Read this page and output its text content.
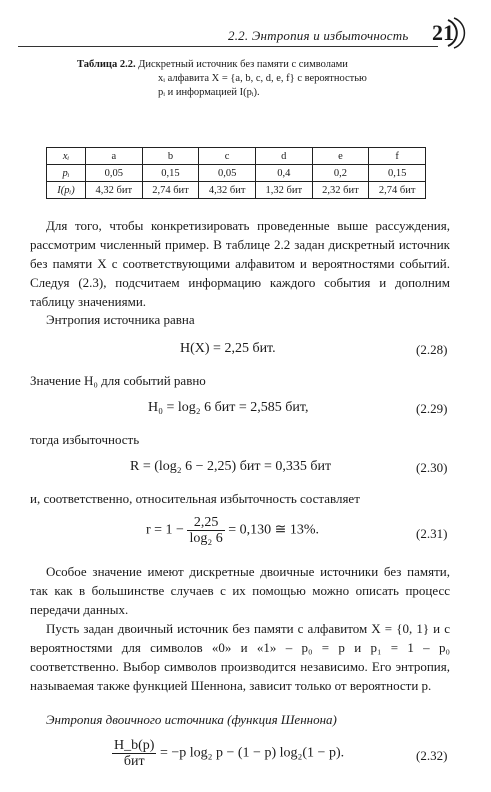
2.2. Энтропия и избыточность 21
Таблица 2.2. Дискретный источник без памяти с символами
xᵢ алфавита X = {a, b, c, d, e, f} с вероятностью
pᵢ и информацией I(pᵢ).
xᵢ	a	b	c	d	e	f
pᵢ	0,05	0,15	0,05	0,4	0,2	0,15
I(pᵢ)	4,32 бит	2,74 бит	4,32 бит	1,32 бит	2,32 бит	2,74 бит
Для того, чтобы конкретизировать проведенные выше рассуждения, рассмотрим численный пример. В таблице 2.2 задан дискретный источник без памяти X с соответствующими алфавитом и вероятностями событий. Следуя (2.3), подсчитаем информацию каждого события и дополним таблицу значениями.
Энтропия источника равна
H(X) = 2,25 бит.	(2.28)
Значение H₀ для событий равно
H₀ = log₂ 6 бит = 2,585 бит,	(2.29)
тогда избыточность
R = (log₂ 6 − 2,25) бит = 0,335 бит	(2.30)
и, соответственно, относительная избыточность составляет
$r = 1 - \frac{2,25}{\text{log₂ 6}} = 0,130$ ≅ 13%.	(2.31)
Особое значение имеют дискретные двоичные источники без памяти, так как в большинстве случаев с их помощью можно описать процесс передачи данных.
Пусть задан двоичный источник без памяти с алфавитом X = {0, 1} и с вероятностями для символов «0» и «1» – p₀ = p и p₁ = 1 – p₀ соответственно. Выбор символов производится независимо. Его энтропия, называемая также функцией Шеннона, зависит только от вероятности p.
Энтропия двоичного источника (функция Шеннона)
$\frac{H\_b(p)}{\text{бит}} = -p$ log₂ p − (1 − p) log₂(1 − p).	(2.32)
